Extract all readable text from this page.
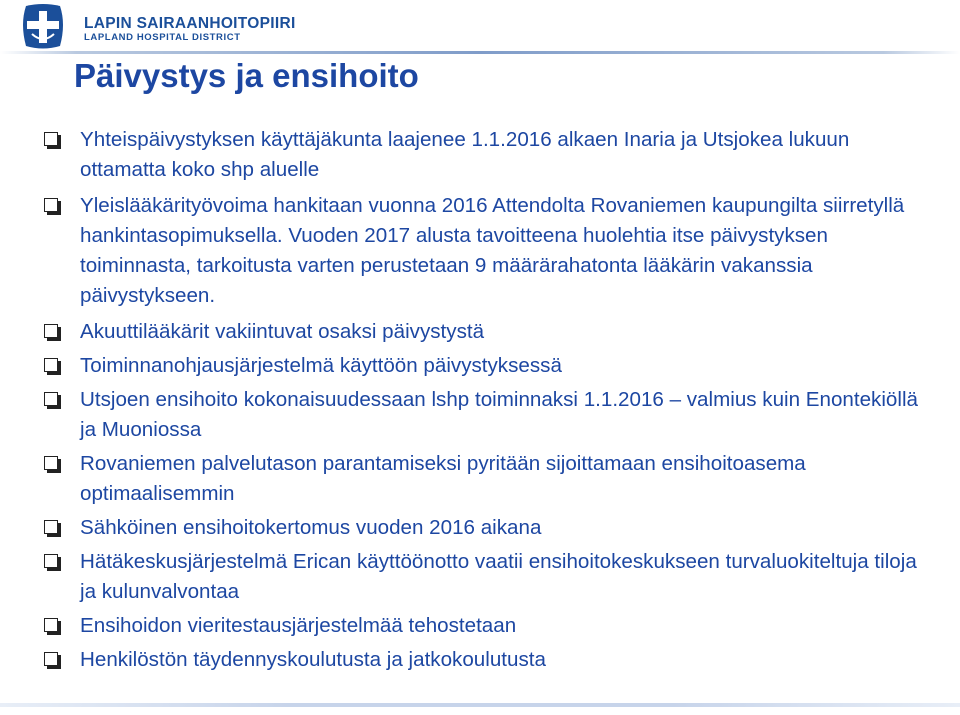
LAPIN SAIRAANHOITOPIIRI
LAPLAND HOSPITAL DISTRICT
Päivystys ja ensihoito
Yhteispäivystyksen käyttäjäkunta laajenee 1.1.2016 alkaen Inaria ja Utsjokea lukuun ottamatta koko shp aluelle
Yleislääkärityövoima hankitaan vuonna 2016 Attendolta Rovaniemen kaupungilta siirretyllä hankintasopimuksella. Vuoden 2017 alusta tavoitteena huolehtia itse päivystyksen toiminnasta, tarkoitusta varten perustetaan 9 määrärahatonta lääkärin vakanssia päivystykseen.
Akuuttilääkärit vakiintuvat osaksi päivystystä
Toiminnanohjausjärjestelmä käyttöön päivystyksessä
Utsjoen ensihoito kokonaisuudessaan lshp toiminnaksi 1.1.2016 – valmius kuin Enontekiöllä ja Muoniossa
Rovaniemen palvelutason parantamiseksi pyritään sijoittamaan ensihoitoasema optimaalisemmin
Sähköinen ensihoitokertomus vuoden 2016 aikana
Hätäkeskusjärjestelmä Erican käyttöönotto vaatii ensihoitokeskukseen turvaluokiteltuja tiloja ja kulunvalvontaa
Ensihoidon vieritestausjärjestelmää tehostetaan
Henkilöstön täydennyskoulutusta ja jatkokoulutusta
